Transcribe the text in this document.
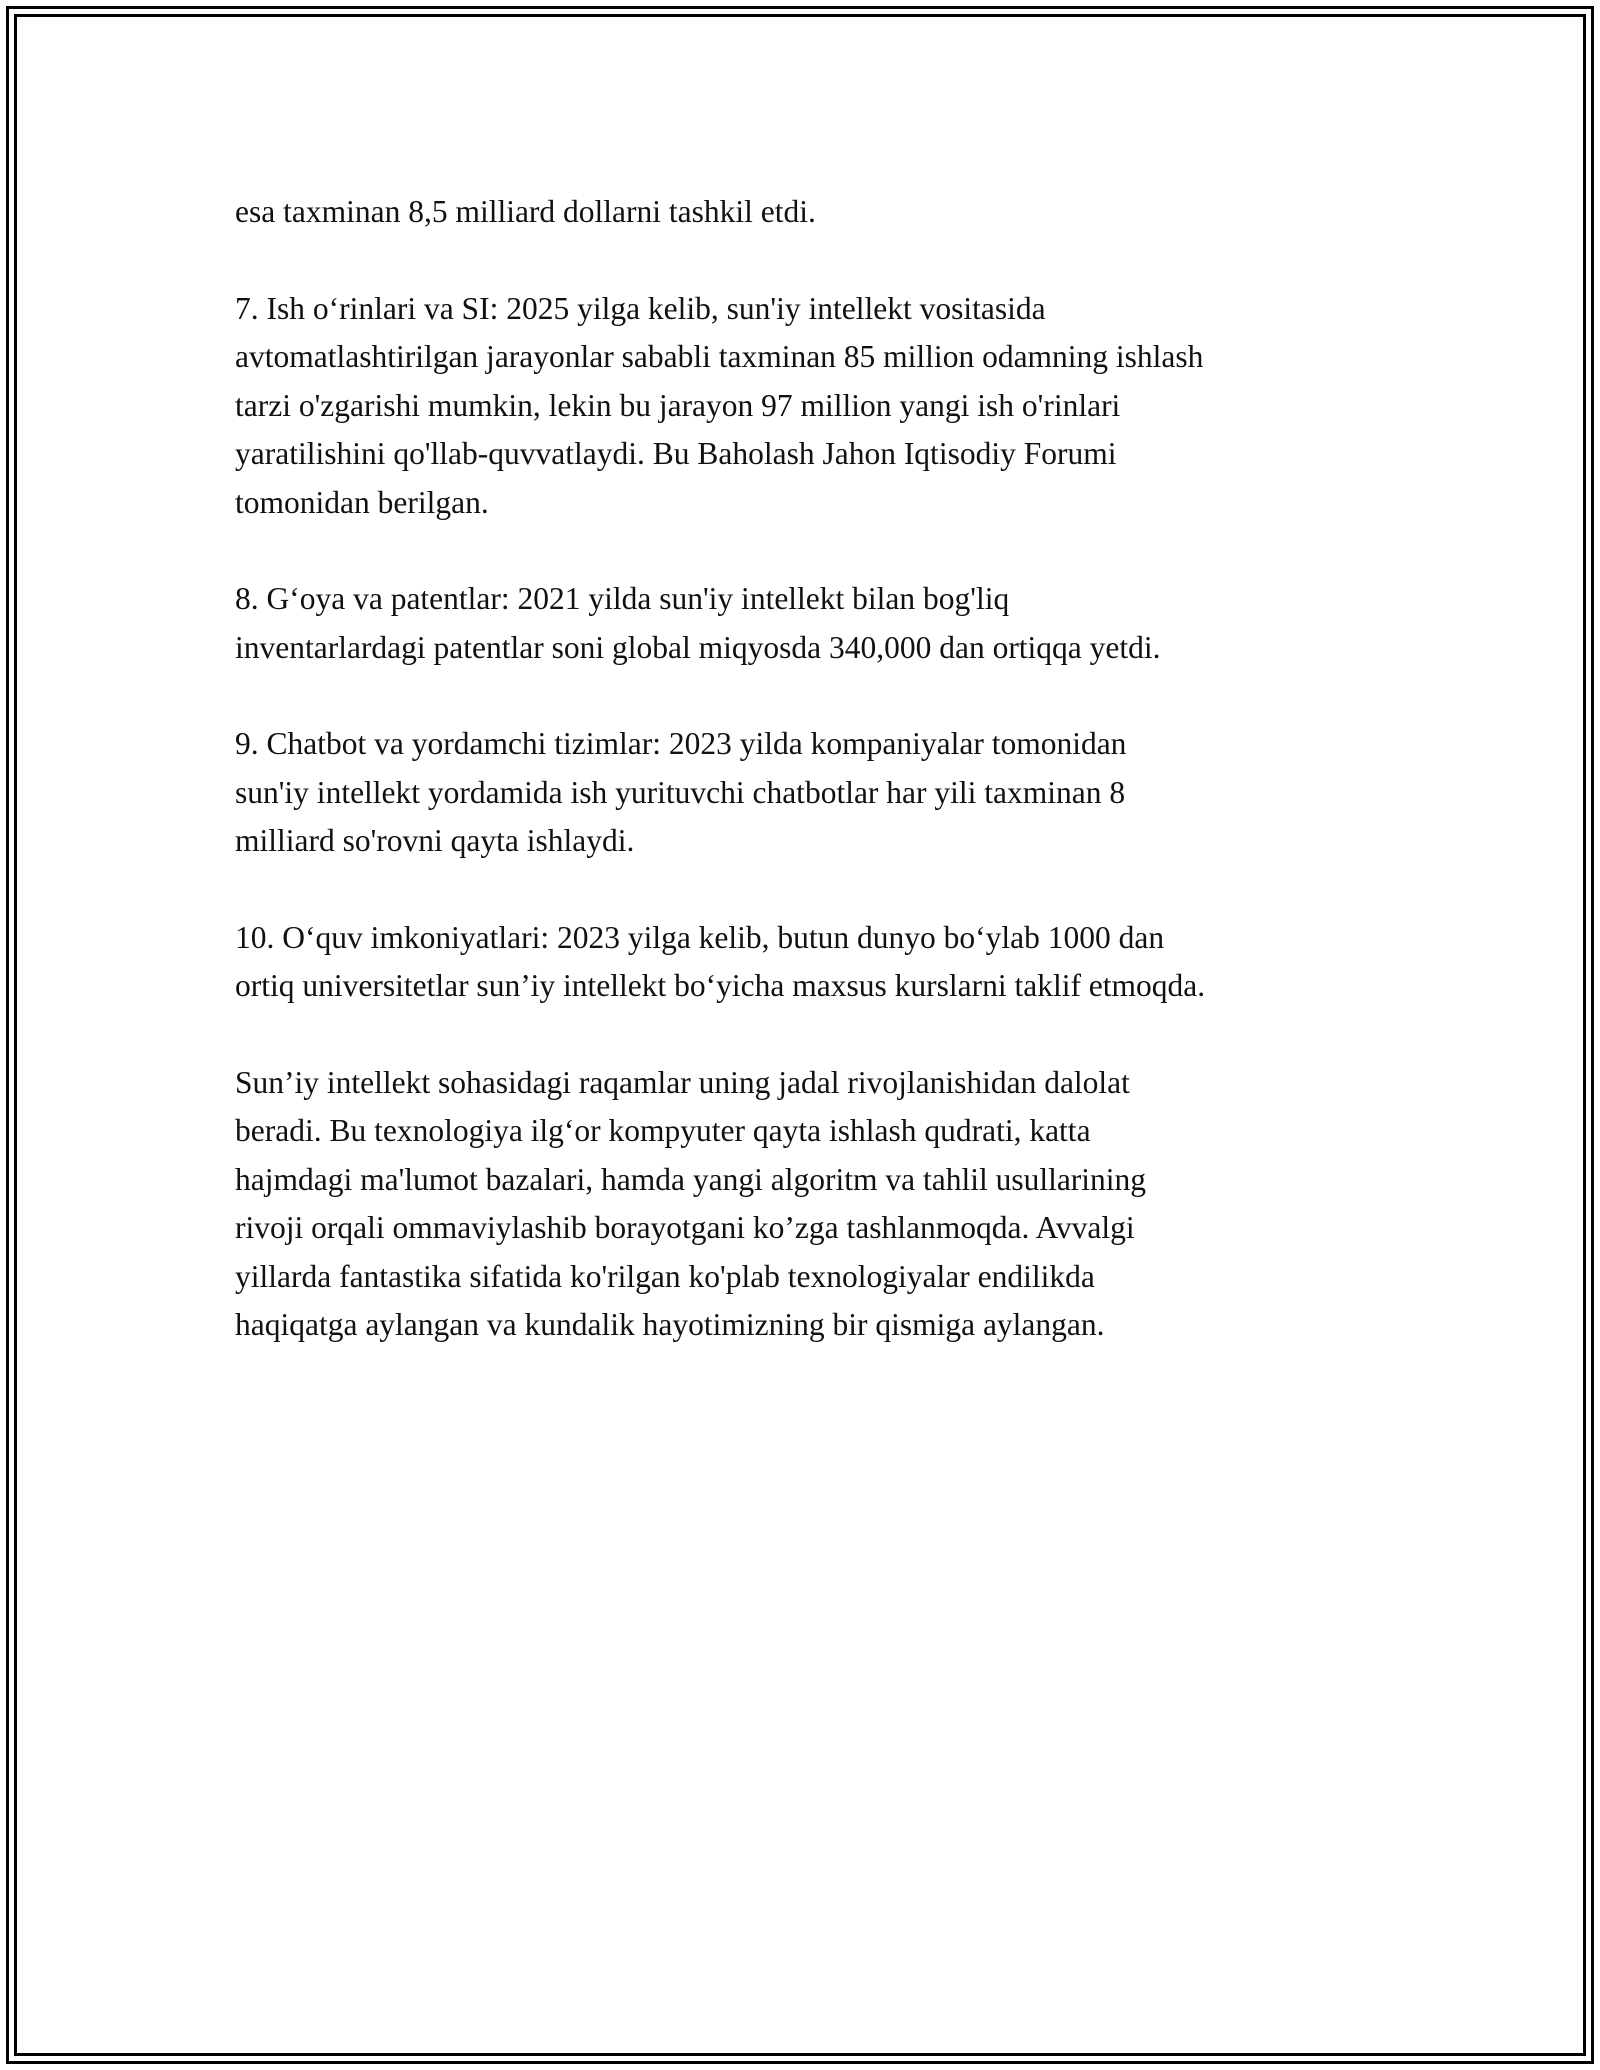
esa taxminan 8,5 milliard dollarni tashkil etdi.

7. Ish o‘rinlari va SI: 2025 yilga kelib, sun'iy intellekt vositasida
avtomatlashtirilgan jarayonlar sababli taxminan 85 million odamning ishlash
tarzi o'zgarishi mumkin, lekin bu jarayon 97 million yangi ish o'rinlari
yaratilishini qo'llab-quvvatlaydi. Bu Baholash Jahon Iqtisodiy Forumi
tomonidan berilgan.

8. G‘oya va patentlar: 2021 yilda sun'iy intellekt bilan bog'liq
inventarlardagi patentlar soni global miqyosda 340,000 dan ortiqqa yetdi.

9. Chatbot va yordamchi tizimlar: 2023 yilda kompaniyalar tomonidan
sun'iy intellekt yordamida ish yurituvchi chatbotlar har yili taxminan 8
milliard so'rovni qayta ishlaydi.

10. O‘quv imkoniyatlari: 2023 yilga kelib, butun dunyo bo‘ylab 1000 dan
ortiq universitetlar sun’iy intellekt bo‘yicha maxsus kurslarni taklif etmoqda.

Sun’iy intellekt sohasidagi raqamlar uning jadal rivojlanishidan dalolat
beradi. Bu texnologiya ilg‘or kompyuter qayta ishlash qudrati, katta
hajmdagi ma'lumot bazalari, hamda yangi algoritm va tahlil usullarining
rivoji orqali ommaviylashib borayotgani ko’zga tashlanmoqda. Avvalgi
yillarda fantastika sifatida ko'rilgan ko'plab texnologiyalar endilikda
haqiqatga aylangan va kundalik hayotimizning bir qismiga aylangan.
